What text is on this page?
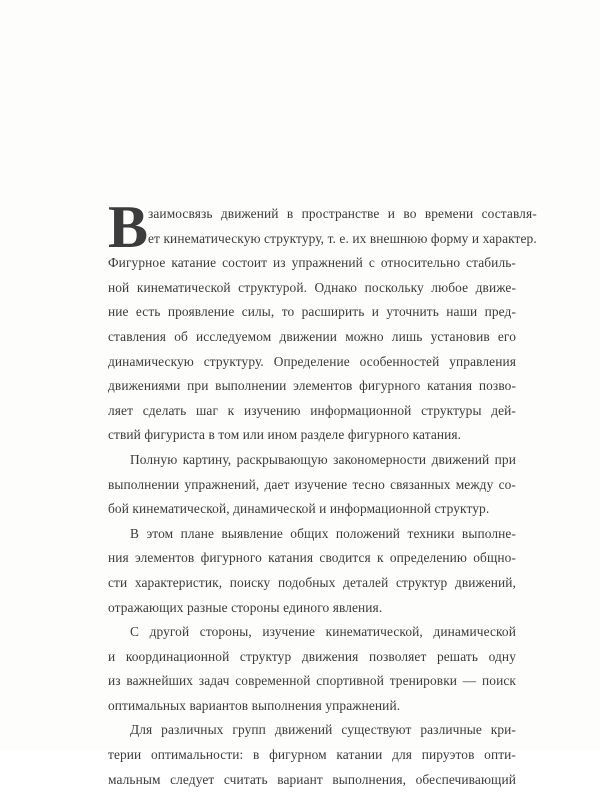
В заимосвязь движений в пространстве и во времени составля-
ет кинематическую структуру, т. е. их внешнюю форму и характер.
Фигурное катание состоит из упражнений с относительно стабиль-
ной кинематической структурой. Однако поскольку любое движе-
ние есть проявление силы, то расширить и уточнить наши пред-
ставления об исследуемом движении можно лишь установив его
динамическую структуру. Определение особенностей управления
движениями при выполнении элементов фигурного катания позво-
ляет сделать шаг к изучению информационной структуры дей-
ствий фигуриста в том или ином разделе фигурного катания.
Полную картину, раскрывающую закономерности движений при
выполнении упражнений, дает изучение тесно связанных между со-
бой кинематической, динамической и информационной структур.
В этом плане выявление общих положений техники выполне-
ния элементов фигурного катания сводится к определению общно-
сти характеристик, поиску подобных деталей структур движений,
отражающих разные стороны единого явления.
С другой стороны, изучение кинематической, динамической
и координационной структур движения позволяет решать одну
из важнейших задач современной спортивной тренировки — поиск
оптимальных вариантов выполнения упражнений.
Для различных групп движений существуют различные кри-
терии оптимальности: в фигурном катании для пируэтов опти-
мальным следует считать вариант выполнения, обеспечивающий
